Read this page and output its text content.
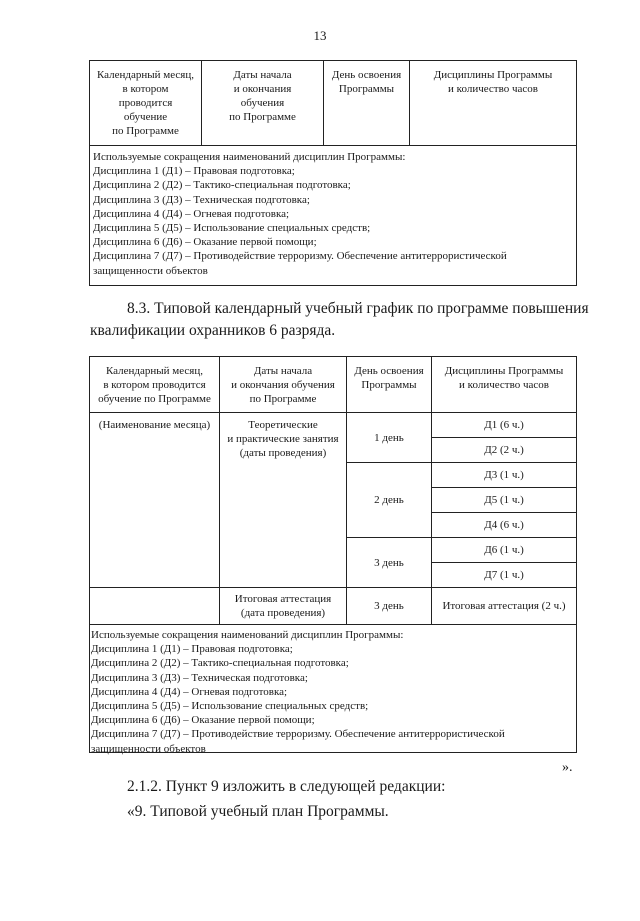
13
Календарный месяц,
в котором
проводится
обучение
по Программе
Даты начала
и окончания
обучения
по Программе
День освоения
Программы
Дисциплины Программы
и количество часов
Используемые сокращения наименований дисциплин Программы:
Дисциплина 1 (Д1) – Правовая подготовка;
Дисциплина 2 (Д2) – Тактико-специальная подготовка;
Дисциплина 3 (Д3) – Техническая подготовка;
Дисциплина 4 (Д4) – Огневая подготовка;
Дисциплина 5 (Д5) – Использование специальных средств;
Дисциплина 6 (Д6) – Оказание первой помощи;
Дисциплина 7 (Д7) – Противодействие терроризму. Обеспечение антитеррористической
защищенности объектов
8.3. Типовой календарный учебный график по программе повышения
квалификации охранников 6 разряда.
Календарный месяц,
в котором проводится
обучение по Программе
Даты начала
и окончания обучения
по Программе
День освоения
Программы
Дисциплины Программы
и количество часов
(Наименование месяца)	Теоретические
и практические занятия
(даты проведения)
1 день
2 день
3 день
Д1 (6 ч.)
Д2 (2 ч.)
Д3 (1 ч.)
Д5 (1 ч.)
Д4 (6 ч.)
Д6 (1 ч.)
Д7 (1 ч.)
Итоговая аттестация
(дата проведения)
3 день	Итоговая аттестация (2 ч.)
Используемые сокращения наименований дисциплин Программы:
Дисциплина 1 (Д1) – Правовая подготовка;
Дисциплина 2 (Д2) – Тактико-специальная подготовка;
Дисциплина 3 (Д3) – Техническая подготовка;
Дисциплина 4 (Д4) – Огневая подготовка;
Дисциплина 5 (Д5) – Использование специальных средств;
Дисциплина 6 (Д6) – Оказание первой помощи;
Дисциплина 7 (Д7) – Противодействие терроризму. Обеспечение антитеррористической
защищенности объектов
».
2.1.2. Пункт 9 изложить в следующей редакции:
«9. Типовой учебный план Программы.
